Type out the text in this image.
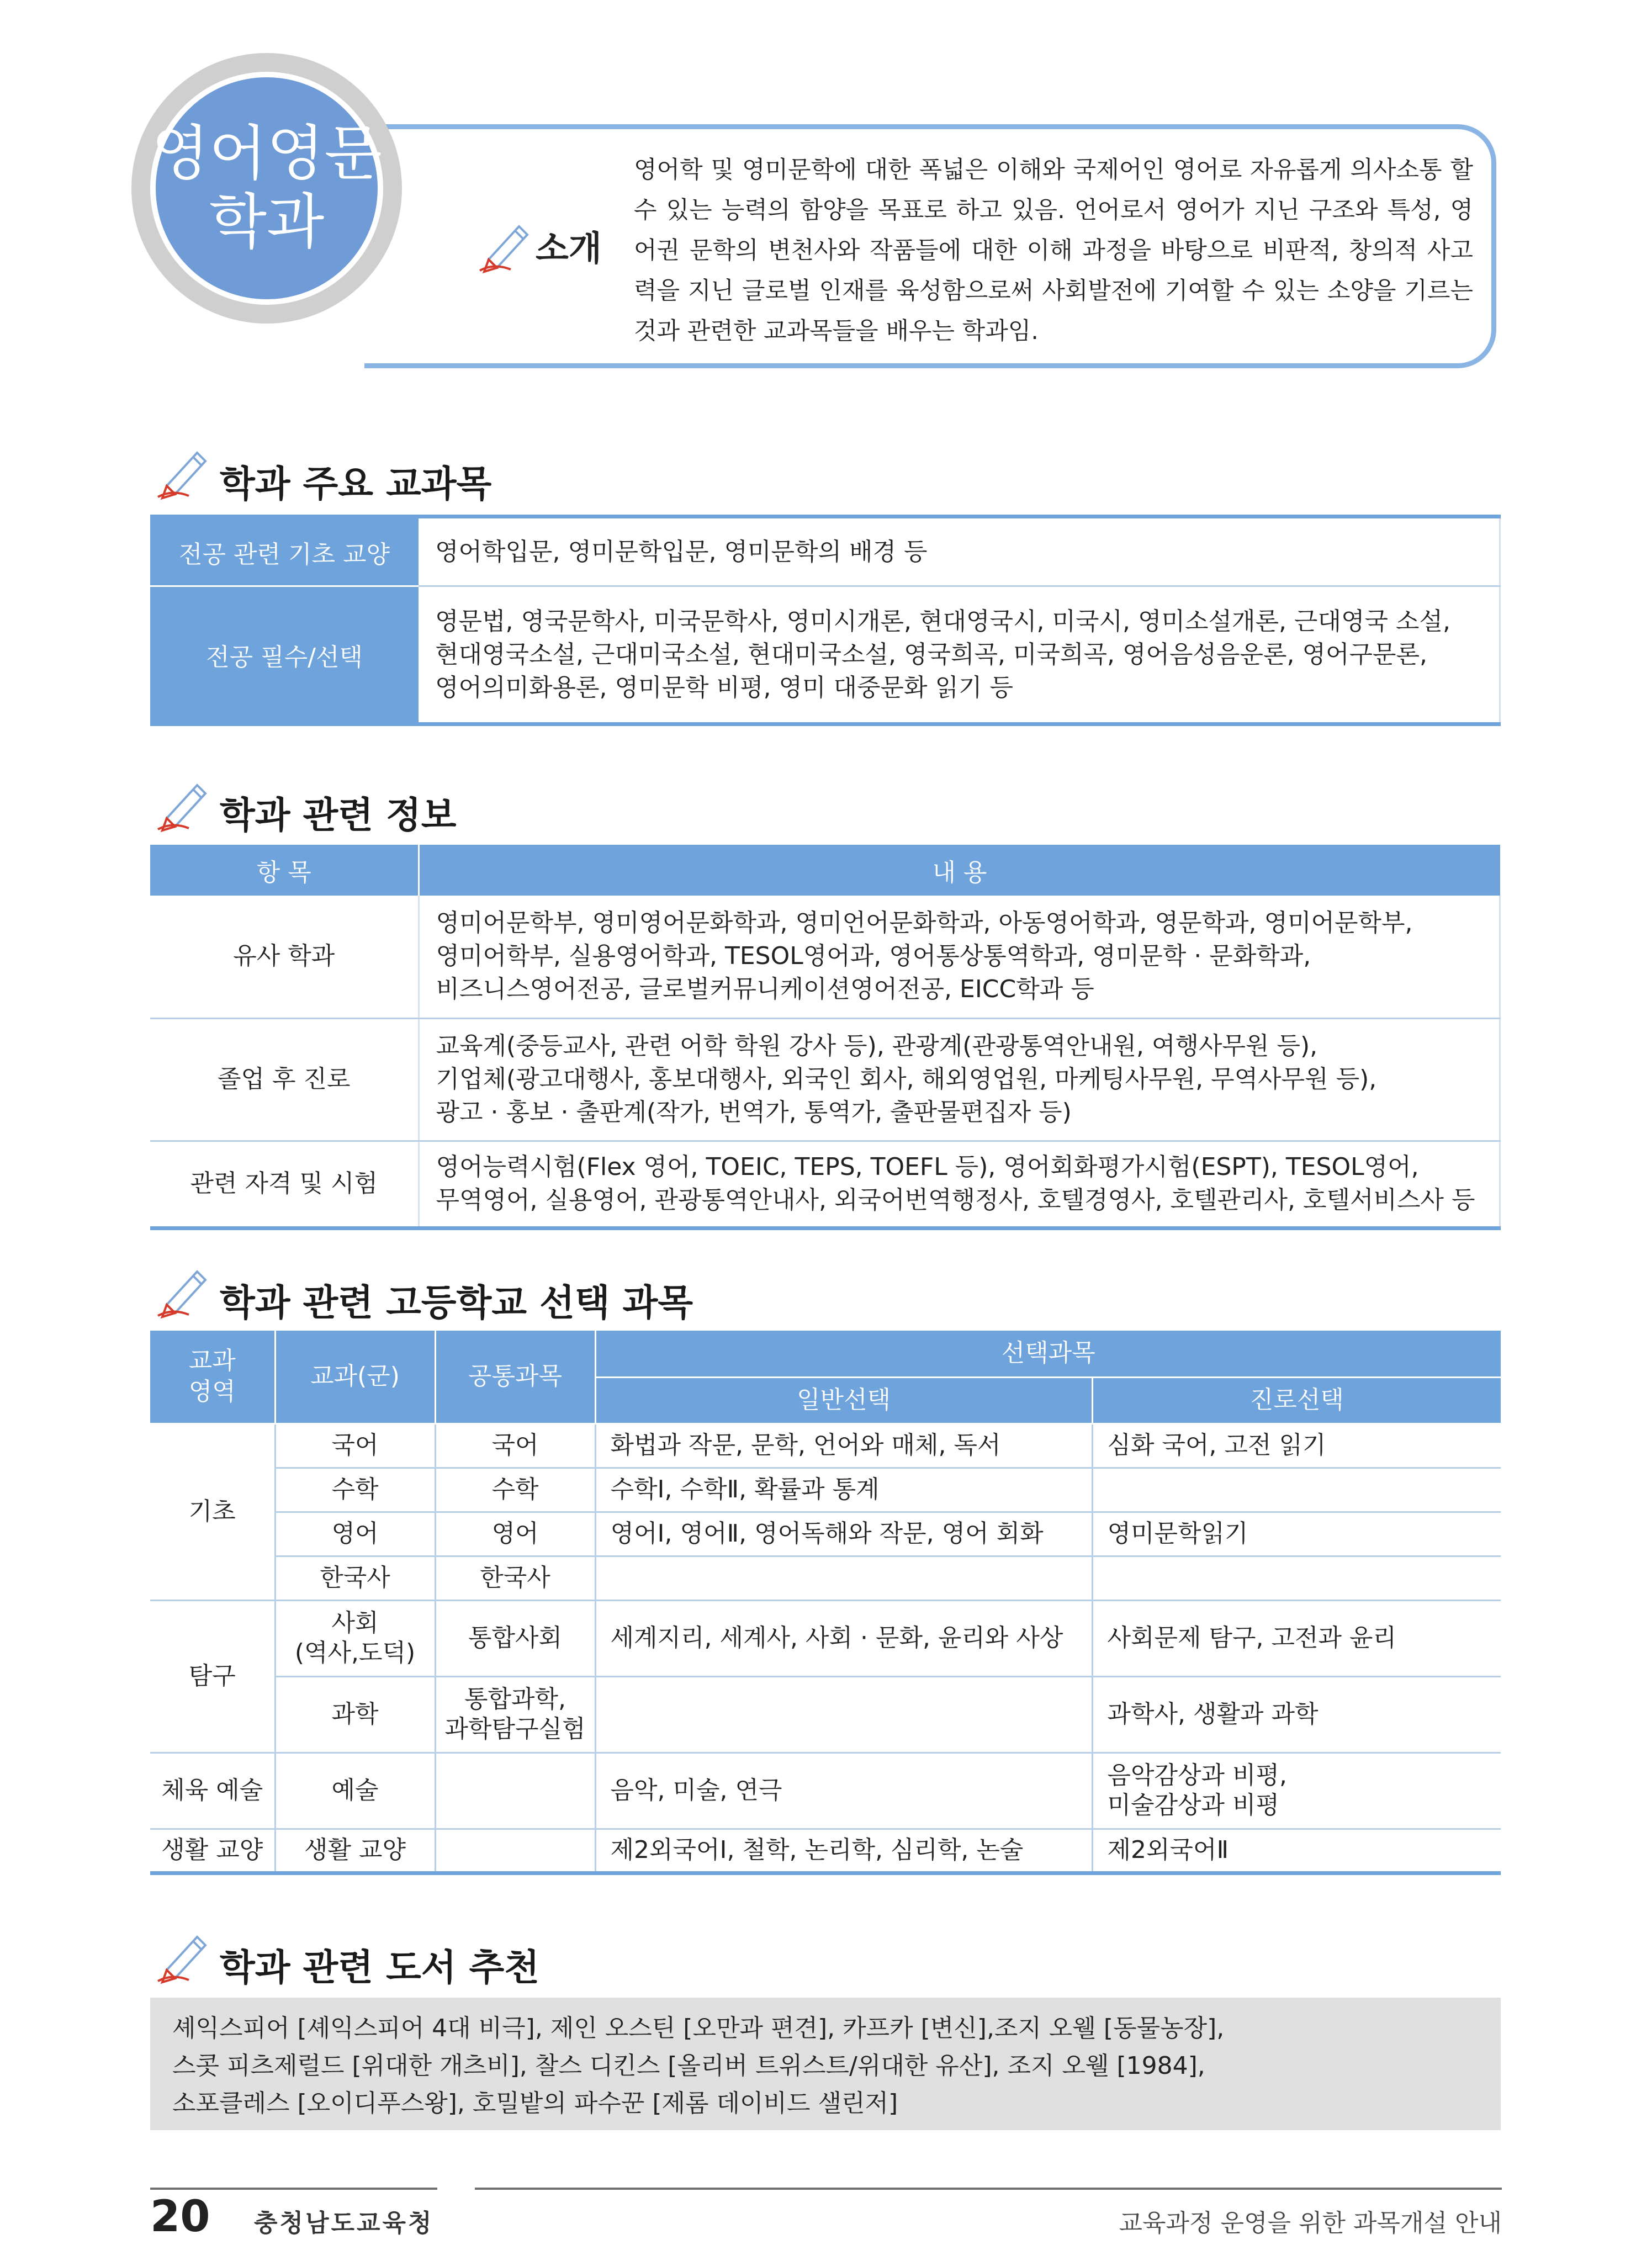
영어영문
학과	소개
영어학 및 영미문학에 대한 폭넓은 이해와 국제어인 영어로 자유롭게 의사소통 할 수 있는 능력의 함양을 목표로 하고 있음. 언어로서 영어가 지닌 구조와 특성, 영어권 문학의 변천사와 작품들에 대한 이해 과정을 바탕으로 비판적, 창의적 사고력을 지닌 글로벌 인재를 육성함으로써 사회발전에 기여할 수 있는 소양을 기르는 것과 관련한 교과목들을 배우는 학과임.
학과 주요 교과목
전공 관련 기초 교양	영어학입문, 영미문학입문, 영미문학의 배경 등

전공 필수/선택	영문법, 영국문학사, 미국문학사, 영미시개론, 현대영국시, 미국시, 영미소설개론, 근대영국 소설,
현대영국소설, 근대미국소설, 현대미국소설, 영국희곡, 미국희곡, 영어음성음운론, 영어구문론,
영어의미화용론, 영미문학 비평, 영미 대중문화 읽기 등
학과 관련 정보
항 목	내 용
유사 학과	영미어문학부, 영미영어문화학과, 영미언어문화학과, 아동영어학과, 영문학과, 영미어문학부,
영미어학부, 실용영어학과, TESOL영어과, 영어통상통역학과, 영미문학 · 문화학과,
비즈니스영어전공, 글로벌커뮤니케이션영어전공, EICC학과 등

졸업 후 진로	교육계(중등교사, 관련 어학 학원 강사 등), 관광계(관광통역안내원, 여행사무원 등),
기업체(광고대행사, 홍보대행사, 외국인 회사, 해외영업원, 마케팅사무원, 무역사무원 등),
광고 · 홍보 · 출판계(작가, 번역가, 통역가, 출판물편집자 등)

관련 자격 및 시험	영어능력시험(Flex 영어, TOEIC, TEPS, TOEFL 등), 영어회화평가시험(ESPT), TESOL영어,
무역영어, 실용영어, 관광통역안내사, 외국어번역행정사, 호텔경영사, 호텔관리사, 호텔서비스사 등
학과 관련 고등학교 선택 과목
교과
영역	교과(군)	공통과목	선택과목	
			일반선택	진로선택
기초	국어	국어	화법과 작문, 문학, 언어와 매체, 독서	심화 국어, 고전 읽기
	수학	수학	수학Ⅰ, 수학Ⅱ, 확률과 통계	
	영어	영어	영어Ⅰ, 영어Ⅱ, 영어독해와 작문, 영어 회화	영미문학읽기
	한국사	한국사		
탐구	사회
(역사,도덕)	통합사회	세계지리, 세계사, 사회 · 문화, 윤리와 사상	사회문제 탐구, 고전과 윤리
	과학	통합과학,
과학탐구실험		과학사, 생활과 과학
체육 예술	예술		음악, 미술, 연극	음악감상과 비평,
미술감상과 비평

생활 교양	생활 교양		제2외국어Ⅰ, 철학, 논리학, 심리학, 논술	제2외국어Ⅱ
학과 관련 도서 추천
셰익스피어 [셰익스피어 4대 비극], 제인 오스틴 [오만과 편견], 카프카 [변신],조지 오웰 [동물농장],
스콧 피츠제럴드 [위대한 개츠비], 찰스 디킨스 [올리버 트위스트/위대한 유산], 조지 오웰 [1984],
소포클레스 [오이디푸스왕], 호밀밭의 파수꾼 [제롬 데이비드 샐린저]
20 충청남도교육청	교육과정 운영을 위한 과목개설 안내
